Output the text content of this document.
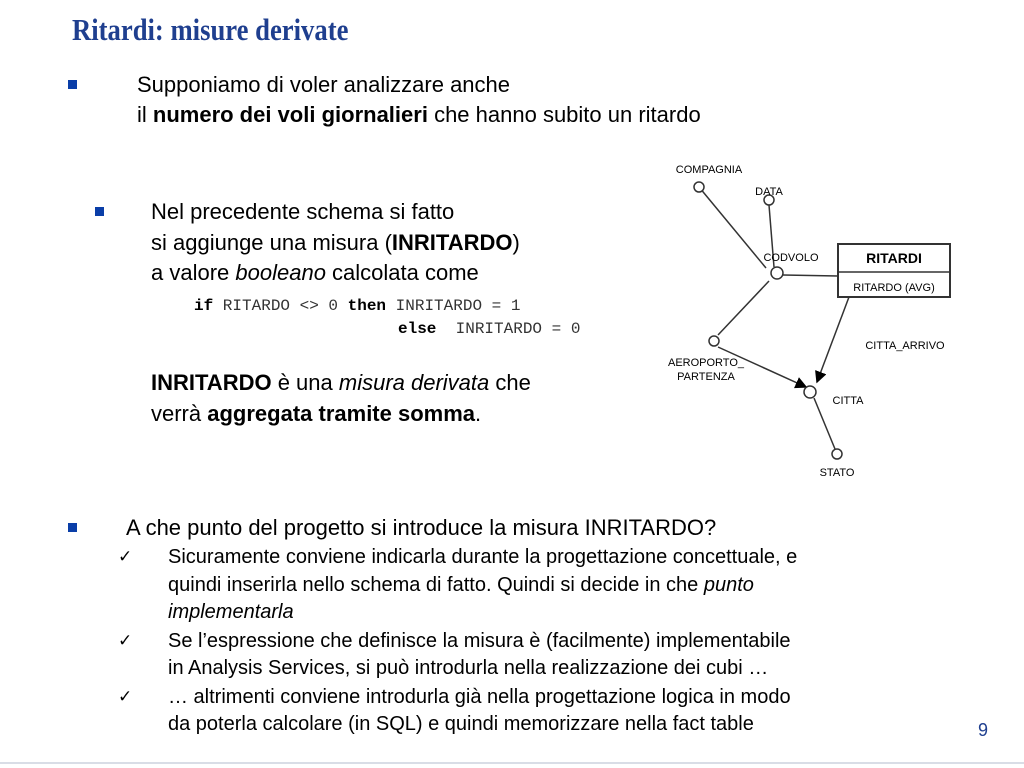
Ritardi: misure derivate
Supponiamo di voler analizzare anche
il numero dei voli giornalieri che hanno subito un ritardo
Nel precedente schema si fatto
si aggiunge una misura (INRITARDO)
a valore booleano calcolata come
if RITARDO <> 0 then INRITARDO = 1
else  INRITARDO = 0
INRITARDO è una misura derivata che
verrà aggregata tramite somma.
RITARDI
RITARDO (AVG)
COMPAGNIA
DATA
CODVOLO
AEROPORTO_
PARTENZA
CITTA_ARRIVO
CITTA
STATO
A che punto del progetto si introduce la misura INRITARDO?
✓ Sicuramente conviene indicarla durante la progettazione concettuale, e
quindi inserirla nello schema di fatto. Quindi si decide in che punto
implementarla
✓ Se l’espressione che definisce la misura è (facilmente) implementabile
in Analysis Services, si può introdurla nella realizzazione dei cubi …
✓ … altrimenti conviene introdurla già nella progettazione logica in modo
da poterla calcolare (in SQL) e quindi memorizzare nella fact table	9
